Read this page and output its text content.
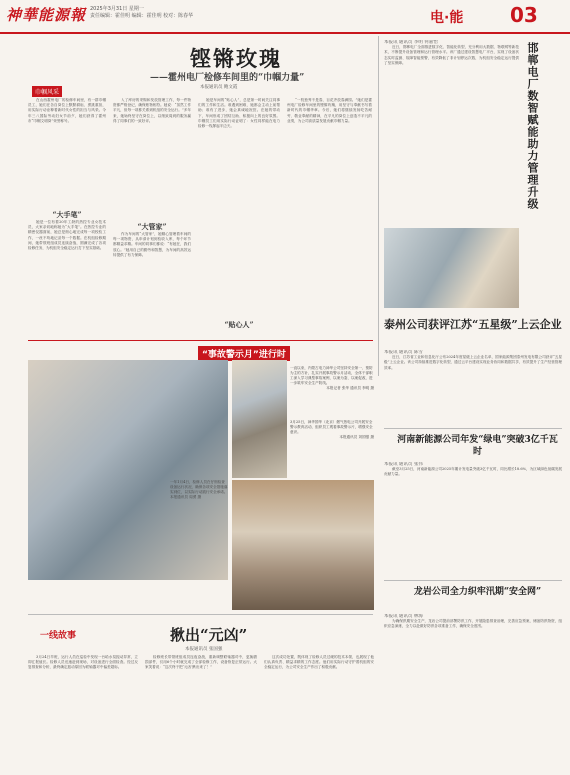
神華能源報 2025年3月31日 星期一
责任编辑：霍佳明 编辑：霍佳明 校对：陈春华	电·能 03
铿锵玫瑰
——霍州电厂检修车间里的“巾帼力量”
本报通讯员 鲍文霞
巾帼风采

在山西霍州电厂的检修车间里，有一群巾帼员工，她们在各自岗位上默默耕耘、勇挑重担，用实际行动诠释着新时代女性的担当与风采。今年三八国际劳动妇女节前夕，她们获得了霍州市“巾帼文明岗”荣誉称号。

“大手笔”

她是一位有着20年工龄的热控专业女技术员，大家亲切地称她为“大手笔”。在热控专业的精密仪器面前，她总是细心地完成每一项校验工作，一丝不苟地记录每一个数据。在机组检修期间，她带领班组成员连续奋战，圆满完成了各项检修任务，为机组安全稳定运行打下坚实基础。

入了库房的采购和发放管理工作，每一件物资都严格登记，确保账物相符。她说：“虽然工作平凡，但每一项都关系到机组的安全运行。”多年来，她始终坚守在岗位上，以细致周到的服务赢得了同事们的一致好评。

“大管家”

作为车间的“大管家”，她精心管理着车间的每一项物资，从申请计划到验收入库，每个环节都精益求精。车间的同事们都说：“有她在，我们放心。”她用自己的勤劳和智慧，为车间的高效运转提供了有力保障。

她是车间的“贴心人”，总是第一时间关注同事们的工作和生活。谁遇到困难，她都会主动上前帮助；谁有了进步，她会真诚地祝贺。在她的带动下，车间形成了团结互助、积极向上的良好氛围。巾帼员工们用实际行动证明了：女性同样能在电力检修一线撑起半边天。

“贴心人”

“一枝独秀不是春，百花齐放春满园。”她们是霍州电厂检修车间里的铿锵玫瑰，用坚守与奉献书写着新时代的巾帼华章。今后，她们将继续发扬吃苦耐劳、敬业奉献的精神，在平凡的岗位上创造不平凡的业绩，为公司高质量发展贡献巾帼力量。

“事故警示月”进行时
一直以来，内蒙古电力神华公司坚持安全第一、预防为主的方针，扎实开展事故警示月活动，全体干部职工深入学习典型事故案例，以案为鉴、以案促改，进一步筑牢安全生产防线。
本报记者 张华 通讯员 李明 摄
3月25日，神华国华（北京）燃气热电公司开展安全警示教育活动，组织员工观看事故警示片，增强安全意识。
本报通讯员 刘国强 摄
一年1月4日，检修人员在仔细检查设备运行状况，确保各项安全措施落实到位，以实际行动践行安全承诺。
本报通讯员 周勇 摄
一线故事	揪出“元凶”
本报通讯员 张国强

3月24日早班，运行人员在巡检中发现一台给水泵振动异常，立即汇报值长。检修人员迅速赶到现场，对设备进行全面检查。经过反复排查和分析，最终确定振动原因为联轴器对中偏差超标。

检修班长带领班组成员连夜奋战，重新调整联轴器对中，更换磨损部件，仅用6个小时就完成了全部检修工作，设备恢复正常运行。大家笑着说：“这次终于把‘元凶’揪出来了！”

这次成功处置，既体现了检修人员过硬的技术本领，也展现了他们认真负责、精益求精的工作态度。他们用实际行动守护着机组的安全稳定运行，为公司安全生产作出了积极贡献。

本报讯 通讯员 李明 何嘉怡

近日，邯郸电厂全面推进数字化、智能化转型，充分利用大数据、物联网等新技术，不断提升设备管理和运行管理水平。该厂通过建设智慧电厂平台，实现了设备状态实时监测、故障智能预警，有效降低了非计划停运次数，为机组安全稳定运行提供了坚实保障。	邯郸电厂数智赋能助力管理升级
泰州公司获评江苏“五星级”上云企业
本报讯 通讯员 陈雪

近日，江苏省工业和信息化厅公布2024年度星级上云企业名单，国家能源集团泰州发电有限公司获评“五星级”上云企业。该公司持续推进数字化转型，通过云平台建设实现业务协同和数据共享，有效提升了生产经营管理效率。

河南新能源公司年发“绿电”突破3亿千瓦时
本报讯 通讯员 张伟

截至3月25日，河南新能源公司2025年累计发电量突破3亿千瓦时，同比增长18.6%，为区域绿色低碳发展贡献力量。

龙岩公司全力织牢汛期“安全网”
本报讯 通讯员 林海

为确保汛期安全生产，龙岩公司提前部署防汛工作，开展隐患排查治理，完善应急预案，储备防汛物资，组织应急演练，全力以赴做好防汛各项准备工作，确保安全度汛。
